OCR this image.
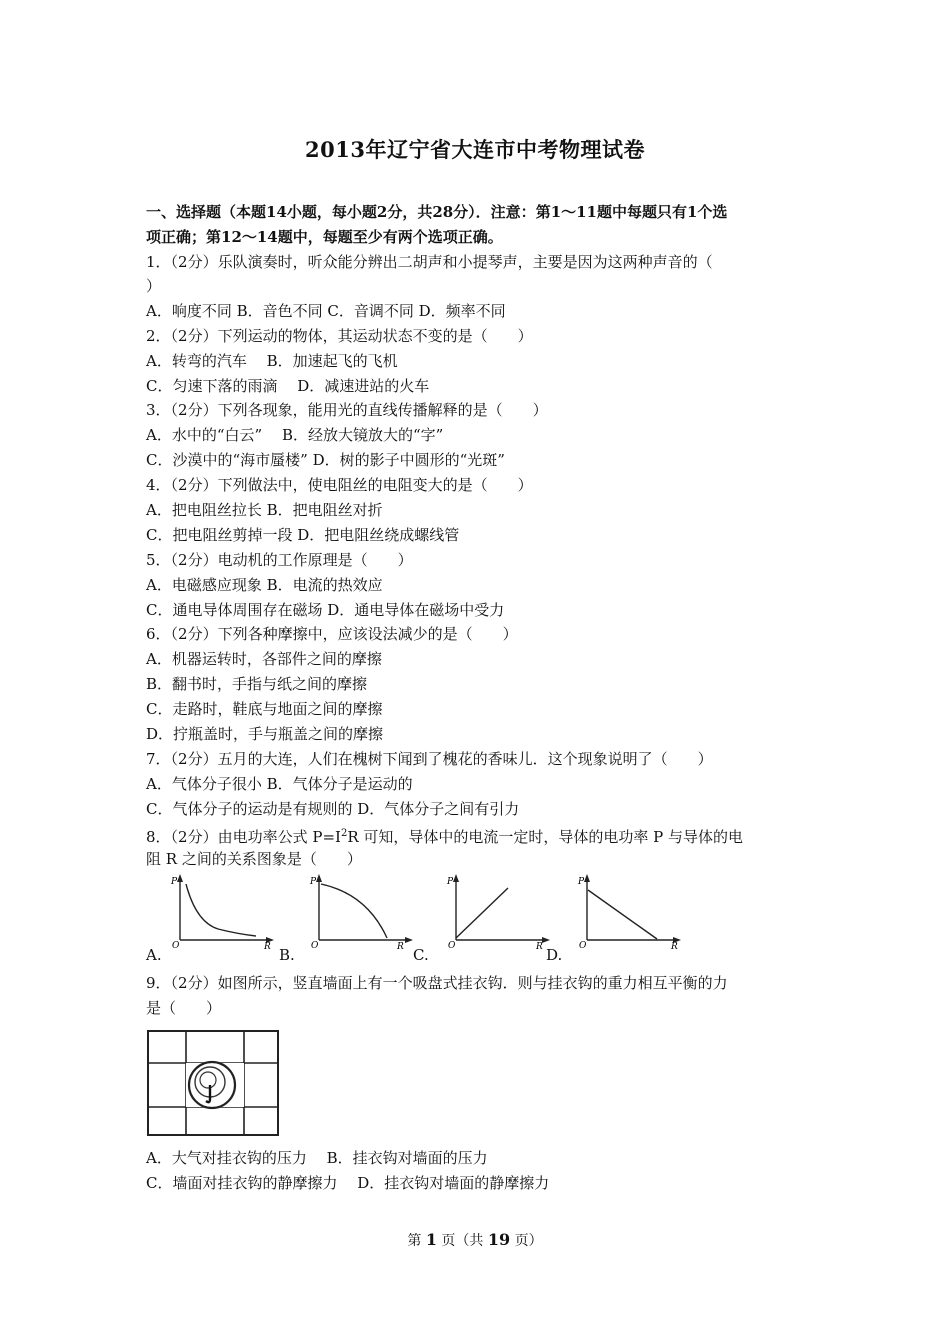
2013年辽宁省大连市中考物理试卷
一、选择题（本题14小题，每小题2分，共28分）．注意：第1～11题中每题只有1个选
项正确；第12～14题中，每题至少有两个选项正确。
1．（2分）乐队演奏时，听众能分辨出二胡声和小提琴声，主要是因为这两种声音的（
）
A．响度不同 B．音色不同 C．音调不同 D．频率不同
2．（2分）下列运动的物体，其运动状态不变的是（　　）
A．转弯的汽车　 B．加速起飞的飞机
C．匀速下落的雨滴　 D．减速进站的火车
3．（2分）下列各现象，能用光的直线传播解释的是（　　）
A．水中的“白云”　 B．经放大镜放大的“字”
C．沙漠中的“海市蜃楼” D．树的影子中圆形的“光斑”
4．（2分）下列做法中，使电阻丝的电阻变大的是（　　）
A．把电阻丝拉长 B．把电阻丝对折
C．把电阻丝剪掉一段 D．把电阻丝绕成螺线管
5．（2分）电动机的工作原理是（　　）
A．电磁感应现象 B．电流的热效应
C．通电导体周围存在磁场 D．通电导体在磁场中受力
6．（2分）下列各种摩擦中，应该设法减少的是（　　）
A．机器运转时，各部件之间的摩擦
B．翻书时，手指与纸之间的摩擦
C．走路时，鞋底与地面之间的摩擦
D．拧瓶盖时，手与瓶盖之间的摩擦
7．（2分）五月的大连，人们在槐树下闻到了槐花的香味儿．这个现象说明了（　　）
A．气体分子很小 B．气体分子是运动的
C．气体分子的运动是有规则的 D．气体分子之间有引力
8．（2分）由电功率公式 $P=I^2R$ 可知，导体中的电流一定时，导体的电功率 P 与导体的电
阻 R 之间的关系图象是（　　）
P
R
O
A.
P
R
O
B.
P
R
O
C.
P
R
O
D.
9．（2分）如图所示，竖直墙面上有一个吸盘式挂衣钩．则与挂衣钩的重力相互平衡的力
是（　　）
A．大气对挂衣钩的压力　 B．挂衣钩对墙面的压力
C．墙面对挂衣钩的静摩擦力　 D．挂衣钩对墙面的静摩擦力
第 1 页（共 19 页）
